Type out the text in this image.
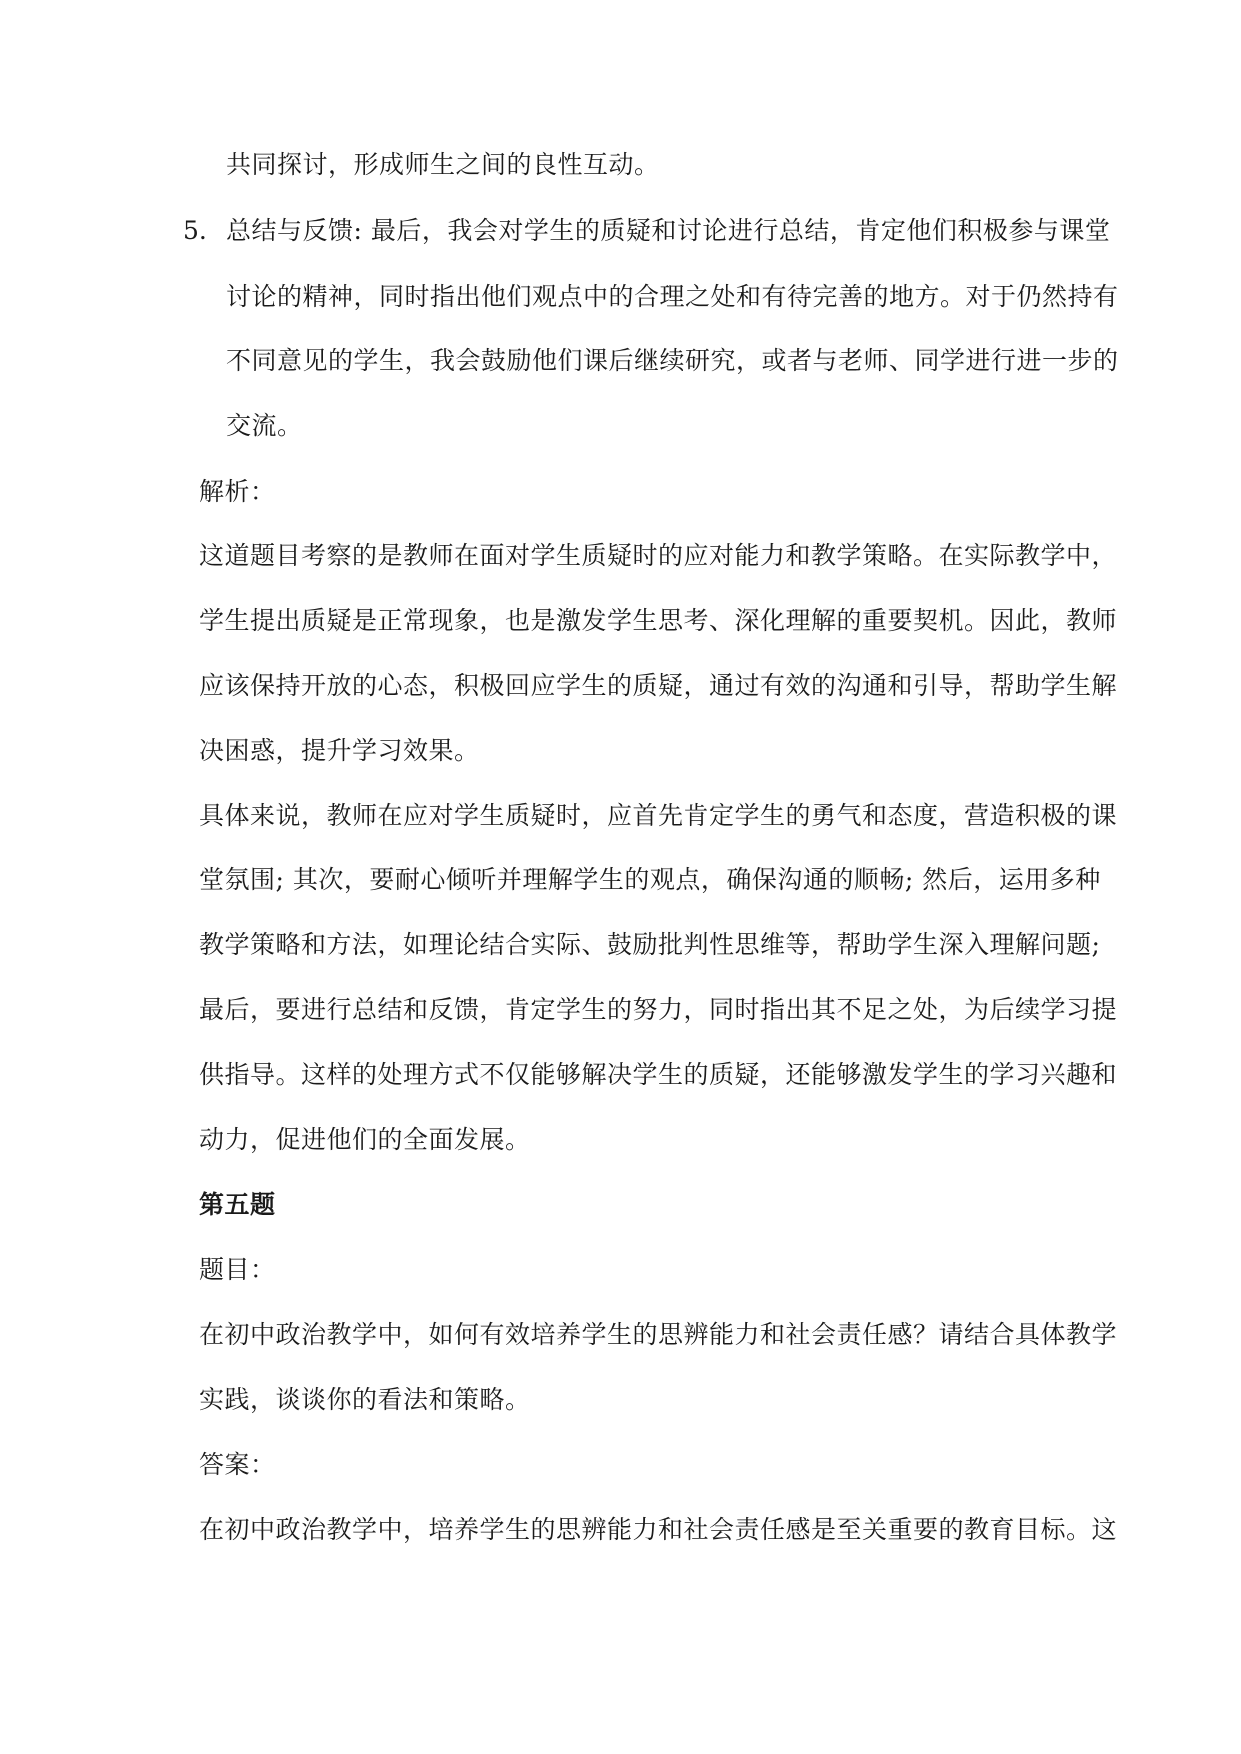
共同探讨，形成师生之间的良性互动。
5. 总结与反馈: 最后，我会对学生的质疑和讨论进行总结，肯定他们积极参与课堂
讨论的精神，同时指出他们观点中的合理之处和有待完善的地方。对于仍然持有
不同意见的学生，我会鼓励他们课后继续研究，或者与老师、同学进行进一步的
交流。
解析：
这道题目考察的是教师在面对学生质疑时的应对能力和教学策略。在实际教学中，
学生提出质疑是正常现象，也是激发学生思考、深化理解的重要契机。因此，教师
应该保持开放的心态，积极回应学生的质疑，通过有效的沟通和引导，帮助学生解
决困惑，提升学习效果。
具体来说，教师在应对学生质疑时，应首先肯定学生的勇气和态度，营造积极的课
堂氛围; 其次，要耐心倾听并理解学生的观点，确保沟通的顺畅; 然后，运用多种
教学策略和方法，如理论结合实际、鼓励批判性思维等，帮助学生深入理解问题;
最后，要进行总结和反馈，肯定学生的努力，同时指出其不足之处，为后续学习提
供指导。这样的处理方式不仅能够解决学生的质疑，还能够激发学生的学习兴趣和
动力，促进他们的全面发展。
第五题
题目：
在初中政治教学中，如何有效培养学生的思辨能力和社会责任感？请结合具体教学
实践，谈谈你的看法和策略。
答案：
在初中政治教学中，培养学生的思辨能力和社会责任感是至关重要的教育目标。这
